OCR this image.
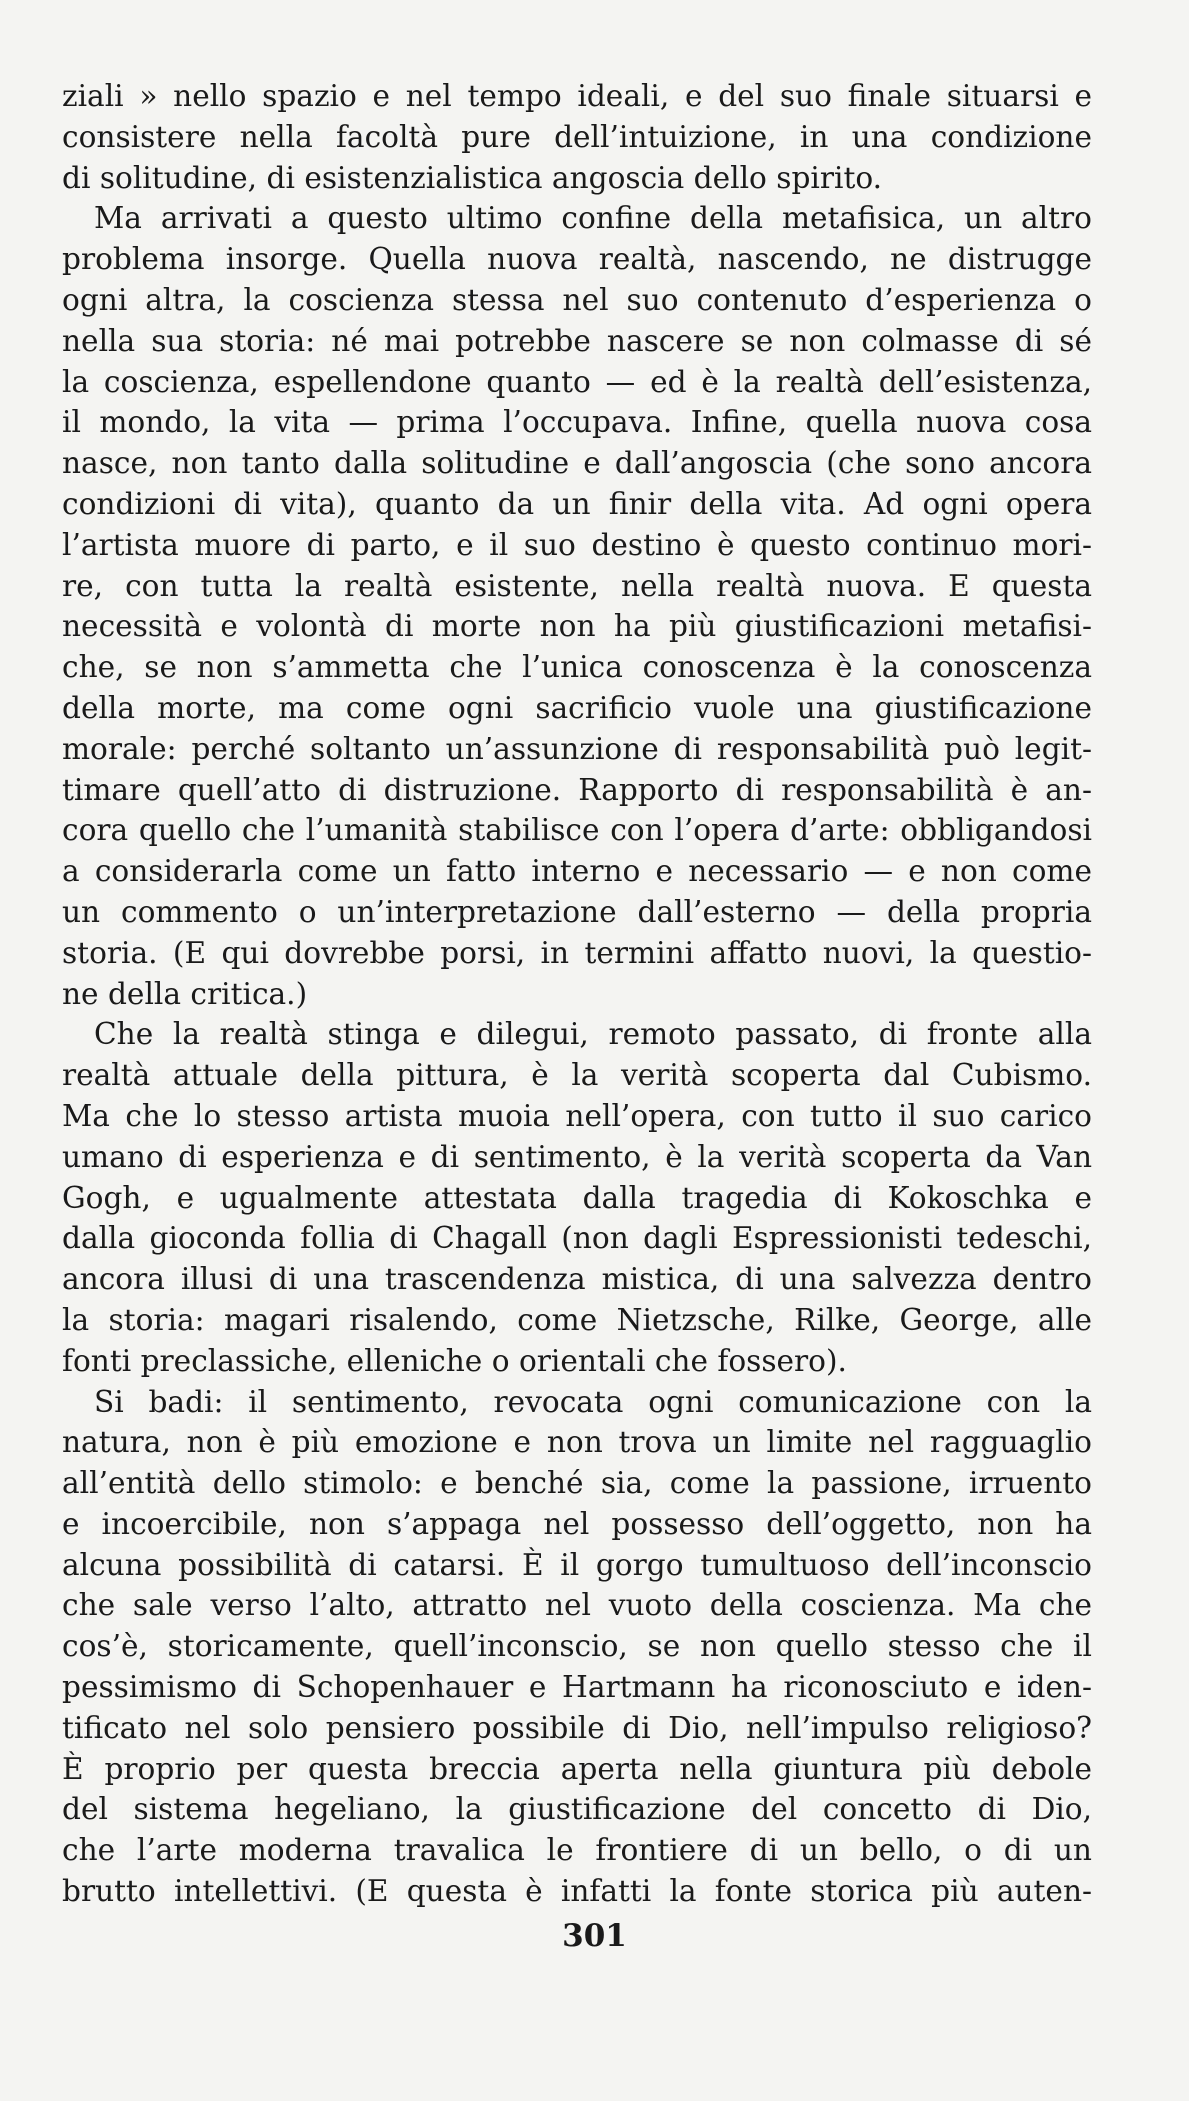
ziali » nello spazio e nel tempo ideali, e del suo finale situarsi e
consistere nella facoltà pure dell’intuizione, in una condizione
di solitudine, di esistenzialistica angoscia dello spirito.
Ma arrivati a questo ultimo confine della metafisica, un altro
problema insorge. Quella nuova realtà, nascendo, ne distrugge
ogni altra, la coscienza stessa nel suo contenuto d’esperienza o
nella sua storia: né mai potrebbe nascere se non colmasse di sé
la coscienza, espellendone quanto — ed è la realtà dell’esistenza,
il mondo, la vita — prima l’occupava. Infine, quella nuova cosa
nasce, non tanto dalla solitudine e dall’angoscia (che sono ancora
condizioni di vita), quanto da un finir della vita. Ad ogni opera
l’artista muore di parto, e il suo destino è questo continuo mori-
re, con tutta la realtà esistente, nella realtà nuova. E questa
necessità e volontà di morte non ha più giustificazioni metafisi-
che, se non s’ammetta che l’unica conoscenza è la conoscenza
della morte, ma come ogni sacrificio vuole una giustificazione
morale: perché soltanto un’assunzione di responsabilità può legit-
timare quell’atto di distruzione. Rapporto di responsabilità è an-
cora quello che l’umanità stabilisce con l’opera d’arte: obbligandosi
a considerarla come un fatto interno e necessario — e non come
un commento o un’interpretazione dall’esterno — della propria
storia. (E qui dovrebbe porsi, in termini affatto nuovi, la questio-
ne della critica.)
Che la realtà stinga e dilegui, remoto passato, di fronte alla
realtà attuale della pittura, è la verità scoperta dal Cubismo.
Ma che lo stesso artista muoia nell’opera, con tutto il suo carico
umano di esperienza e di sentimento, è la verità scoperta da Van
Gogh, e ugualmente attestata dalla tragedia di Kokoschka e
dalla gioconda follia di Chagall (non dagli Espressionisti tedeschi,
ancora illusi di una trascendenza mistica, di una salvezza dentro
la storia: magari risalendo, come Nietzsche, Rilke, George, alle
fonti preclassiche, elleniche o orientali che fossero).
Si badi: il sentimento, revocata ogni comunicazione con la
natura, non è più emozione e non trova un limite nel ragguaglio
all’entità dello stimolo: e benché sia, come la passione, irruento
e incoercibile, non s’appaga nel possesso dell’oggetto, non ha
alcuna possibilità di catarsi. È il gorgo tumultuoso dell’inconscio
che sale verso l’alto, attratto nel vuoto della coscienza. Ma che
cos’è, storicamente, quell’inconscio, se non quello stesso che il
pessimismo di Schopenhauer e Hartmann ha riconosciuto e iden-
tificato nel solo pensiero possibile di Dio, nell’impulso religioso?
È proprio per questa breccia aperta nella giuntura più debole
del sistema hegeliano, la giustificazione del concetto di Dio,
che l’arte moderna travalica le frontiere di un bello, o di un
brutto intellettivi. (E questa è infatti la fonte storica più auten-
301
